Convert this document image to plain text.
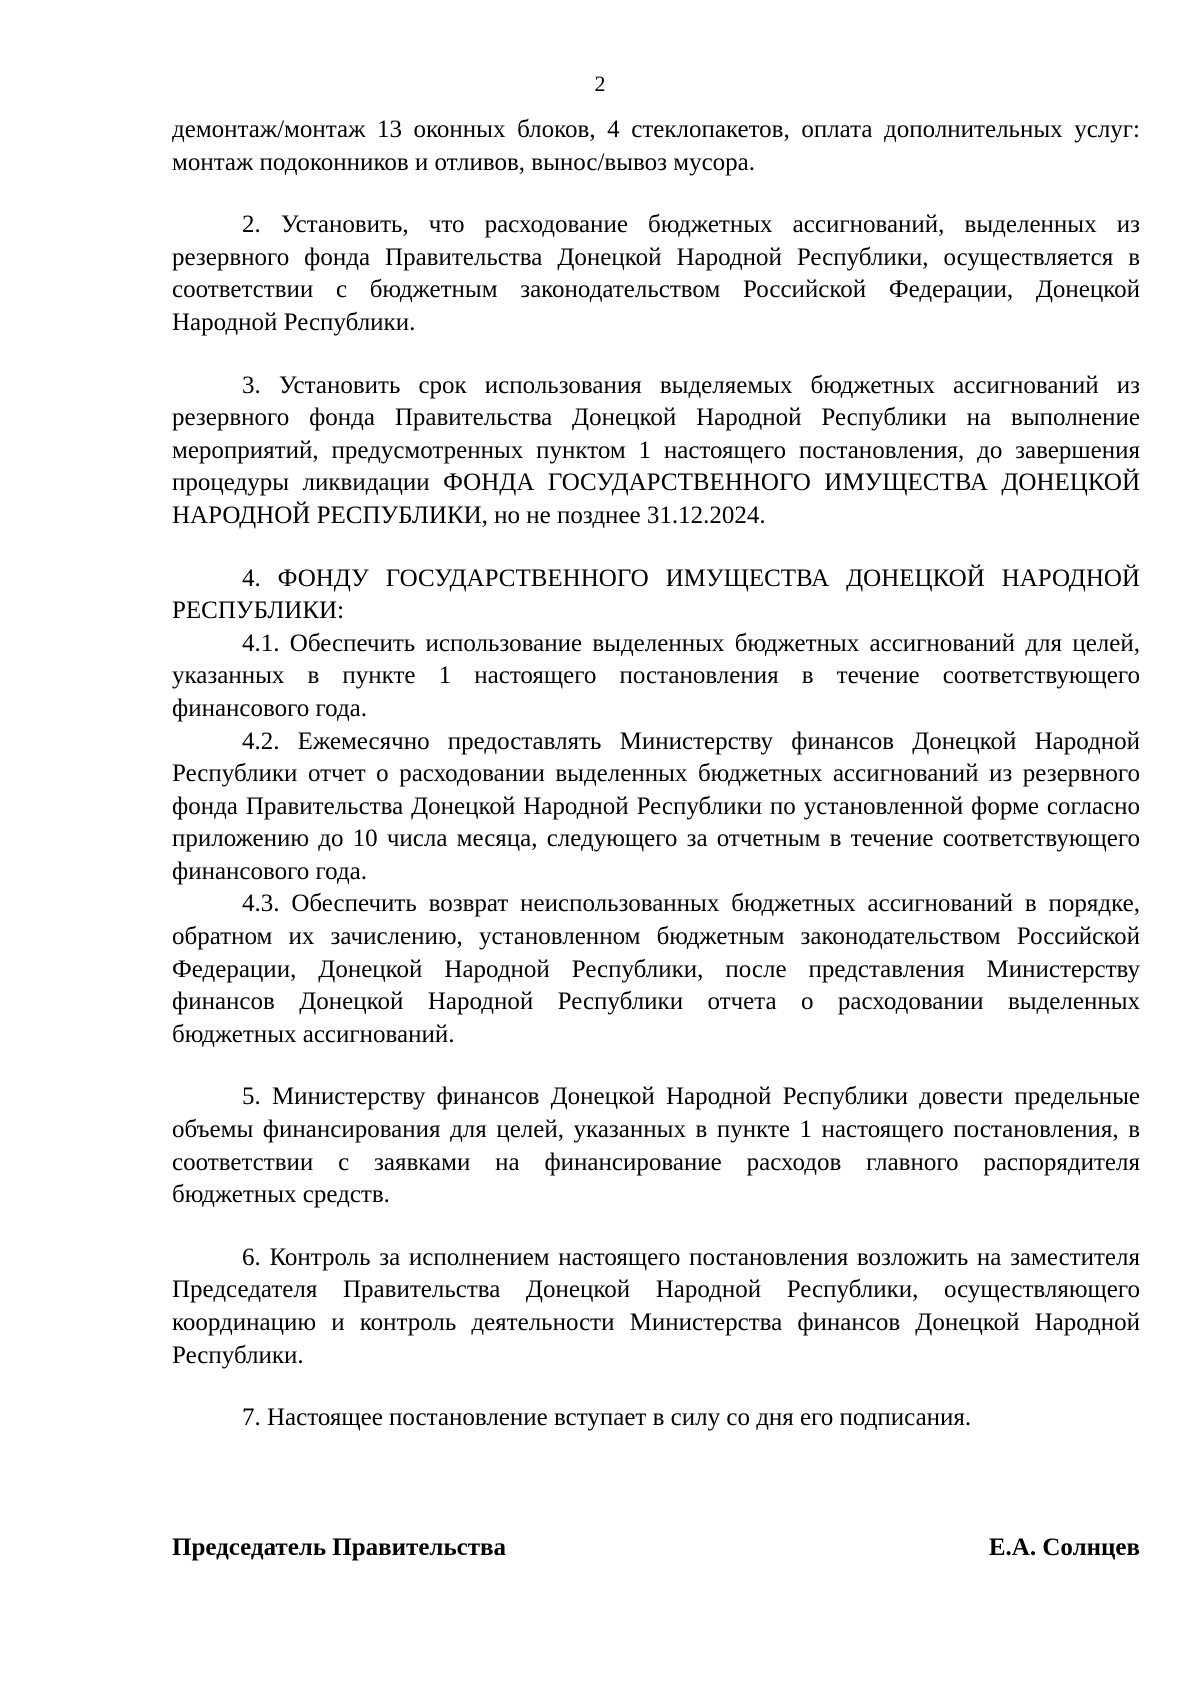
2

демонтаж/монтаж 13 оконных блоков, 4 стеклопакетов, оплата дополнительных услуг: монтаж подоконников и отливов, вынос/вывоз мусора.

2. Установить, что расходование бюджетных ассигнований, выделенных из резервного фонда Правительства Донецкой Народной Республики, осуществляется в соответствии с бюджетным законодательством Российской Федерации, Донецкой Народной Республики.

3. Установить срок использования выделяемых бюджетных ассигнований из резервного фонда Правительства Донецкой Народной Республики на выполнение мероприятий, предусмотренных пунктом 1 настоящего постановления, до завершения процедуры ликвидации ФОНДА ГОСУДАРСТВЕННОГО ИМУЩЕСТВА ДОНЕЦКОЙ НАРОДНОЙ РЕСПУБЛИКИ, но не позднее 31.12.2024.

4. ФОНДУ ГОСУДАРСТВЕННОГО ИМУЩЕСТВА ДОНЕЦКОЙ НАРОДНОЙ РЕСПУБЛИКИ:

4.1. Обеспечить использование выделенных бюджетных ассигнований для целей, указанных в пункте 1 настоящего постановления в течение соответствующего финансового года.

4.2. Ежемесячно предоставлять Министерству финансов Донецкой Народной Республики отчет о расходовании выделенных бюджетных ассигнований из резервного фонда Правительства Донецкой Народной Республики по установленной форме согласно приложению до 10 числа месяца, следующего за отчетным в течение соответствующего финансового года.

4.3. Обеспечить возврат неиспользованных бюджетных ассигнований в порядке, обратном их зачислению, установленном бюджетным законодательством Российской Федерации, Донецкой Народной Республики, после представления Министерству финансов Донецкой Народной Республики отчета о расходовании выделенных бюджетных ассигнований.

5. Министерству финансов Донецкой Народной Республики довести предельные объемы финансирования для целей, указанных в пункте 1 настоящего постановления, в соответствии с заявками на финансирование расходов главного распорядителя бюджетных средств.

6. Контроль за исполнением настоящего постановления возложить на заместителя Председателя Правительства Донецкой Народной Республики, осуществляющего координацию и контроль деятельности Министерства финансов Донецкой Народной Республики.

7. Настоящее постановление вступает в силу со дня его подписания.

Председатель Правительства	Е.А. Солнцев
